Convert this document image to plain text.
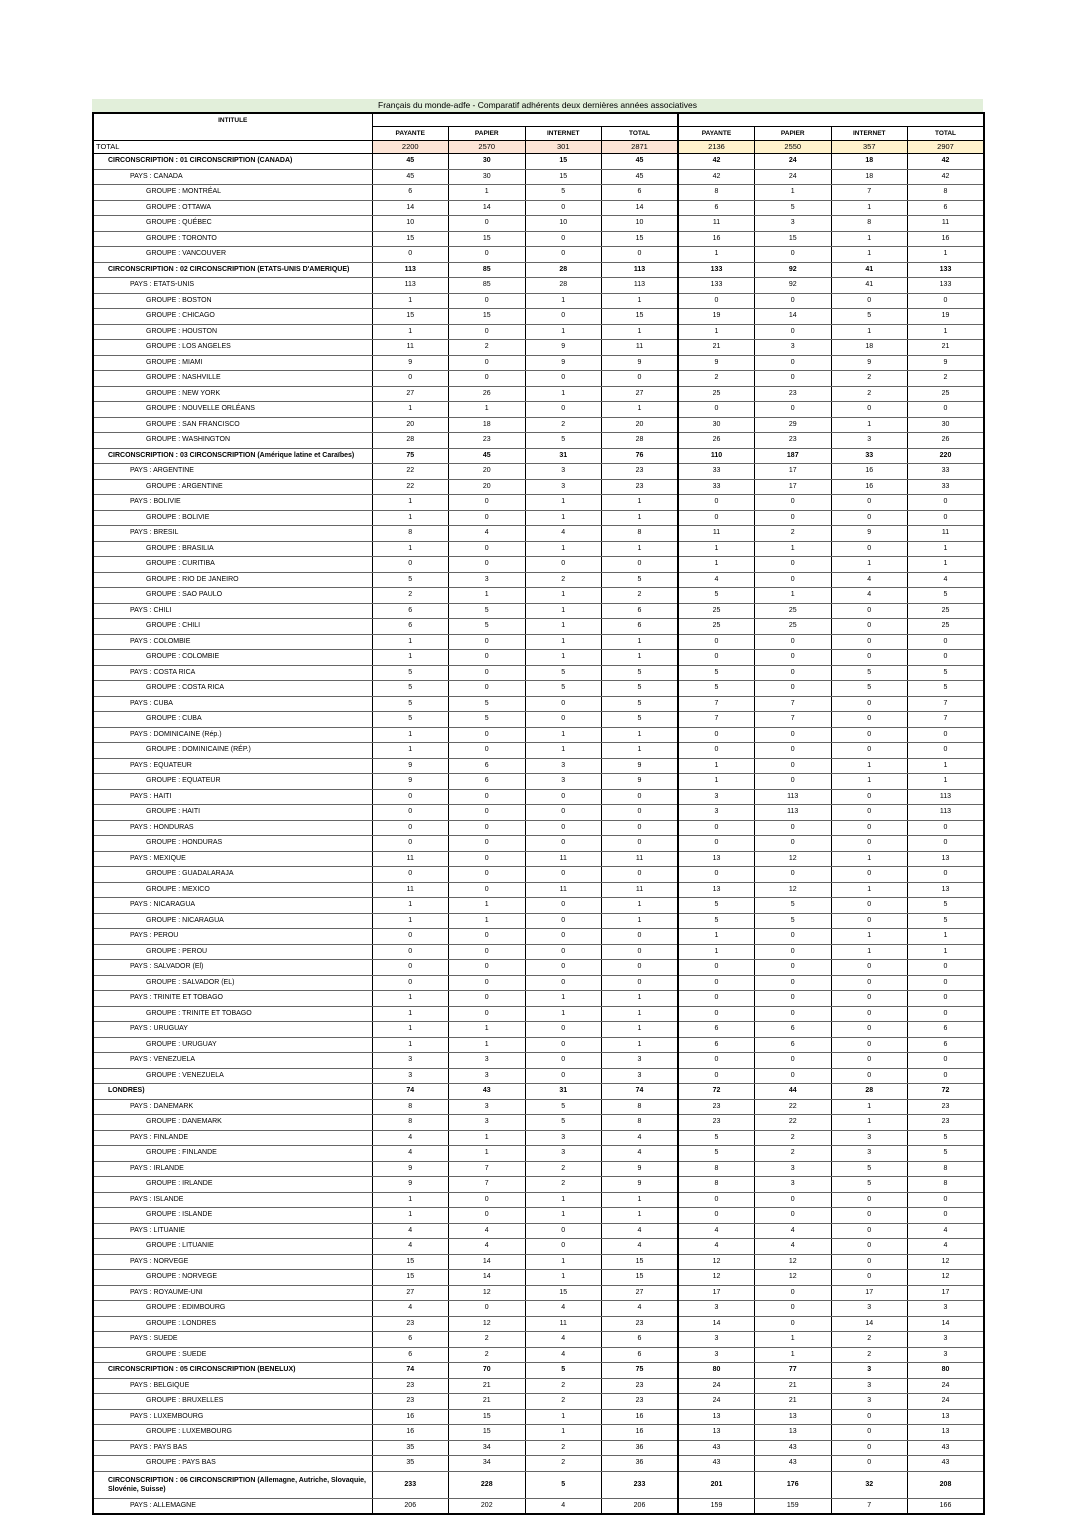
Français du monde-adfe - Comparatif adhérents deux dernières années associatives
INTITULE								
	PAYANTE	PAPIER	INTERNET	TOTAL	PAYANTE	PAPIER	INTERNET	TOTAL
TOTAL	2200	2570	301	2871	2136	2550	357	2907
CIRCONSCRIPTION : 01 CIRCONSCRIPTION (CANADA)	45	30	15	45	42	24	18	42
PAYS : CANADA	45	30	15	45	42	24	18	42
GROUPE : MONTRÉAL	6	1	5	6	8	1	7	8
GROUPE : OTTAWA	14	14	0	14	6	5	1	6
GROUPE : QUÉBEC	10	0	10	10	11	3	8	11
GROUPE : TORONTO	15	15	0	15	16	15	1	16
GROUPE : VANCOUVER	0	0	0	0	1	0	1	1
CIRCONSCRIPTION : 02 CIRCONSCRIPTION (ETATS-UNIS D'AMERIQUE)	113	85	28	113	133	92	41	133
PAYS : ETATS-UNIS	113	85	28	113	133	92	41	133
GROUPE : BOSTON	1	0	1	1	0	0	0	0
GROUPE : CHICAGO	15	15	0	15	19	14	5	19
GROUPE : HOUSTON	1	0	1	1	1	0	1	1
GROUPE : LOS ANGELES	11	2	9	11	21	3	18	21
GROUPE : MIAMI	9	0	9	9	9	0	9	9
GROUPE : NASHVILLE	0	0	0	0	2	0	2	2
GROUPE : NEW YORK	27	26	1	27	25	23	2	25
GROUPE : NOUVELLE ORLÉANS	1	1	0	1	0	0	0	0
GROUPE : SAN FRANCISCO	20	18	2	20	30	29	1	30
GROUPE : WASHINGTON	28	23	5	28	26	23	3	26
CIRCONSCRIPTION : 03 CIRCONSCRIPTION (Amérique latine et Caraïbes)	75	45	31	76	110	187	33	220
PAYS : ARGENTINE	22	20	3	23	33	17	16	33
GROUPE : ARGENTINE	22	20	3	23	33	17	16	33
PAYS : BOLIVIE	1	0	1	1	0	0	0	0
GROUPE : BOLIVIE	1	0	1	1	0	0	0	0
PAYS : BRESIL	8	4	4	8	11	2	9	11
GROUPE : BRASILIA	1	0	1	1	1	1	0	1
GROUPE : CURITIBA	0	0	0	0	1	0	1	1
GROUPE : RIO DE JANEIRO	5	3	2	5	4	0	4	4
GROUPE : SAO PAULO	2	1	1	2	5	1	4	5
PAYS : CHILI	6	5	1	6	25	25	0	25
GROUPE : CHILI	6	5	1	6	25	25	0	25
PAYS : COLOMBIE	1	0	1	1	0	0	0	0
GROUPE : COLOMBIE	1	0	1	1	0	0	0	0
PAYS : COSTA RICA	5	0	5	5	5	0	5	5
GROUPE : COSTA RICA	5	0	5	5	5	0	5	5
PAYS : CUBA	5	5	0	5	7	7	0	7
GROUPE : CUBA	5	5	0	5	7	7	0	7
PAYS : DOMINICAINE (Rép.)	1	0	1	1	0	0	0	0
GROUPE : DOMINICAINE (RÉP.)	1	0	1	1	0	0	0	0
PAYS : EQUATEUR	9	6	3	9	1	0	1	1
GROUPE : EQUATEUR	9	6	3	9	1	0	1	1
PAYS : HAITI	0	0	0	0	3	113	0	113
GROUPE : HAITI	0	0	0	0	3	113	0	113
PAYS : HONDURAS	0	0	0	0	0	0	0	0
GROUPE : HONDURAS	0	0	0	0	0	0	0	0
PAYS : MEXIQUE	11	0	11	11	13	12	1	13
GROUPE : GUADALARAJA	0	0	0	0	0	0	0	0
GROUPE : MEXICO	11	0	11	11	13	12	1	13
PAYS : NICARAGUA	1	1	0	1	5	5	0	5
GROUPE : NICARAGUA	1	1	0	1	5	5	0	5
PAYS : PEROU	0	0	0	0	1	0	1	1
GROUPE : PEROU	0	0	0	0	1	0	1	1
PAYS : SALVADOR (El)	0	0	0	0	0	0	0	0
GROUPE : SALVADOR (EL)	0	0	0	0	0	0	0	0
PAYS : TRINITE ET TOBAGO	1	0	1	1	0	0	0	0
GROUPE : TRINITE ET TOBAGO	1	0	1	1	0	0	0	0
PAYS : URUGUAY	1	1	0	1	6	6	0	6
GROUPE : URUGUAY	1	1	0	1	6	6	0	6
PAYS : VENEZUELA	3	3	0	3	0	0	0	0
GROUPE : VENEZUELA	3	3	0	3	0	0	0	0
LONDRES)	74	43	31	74	72	44	28	72
PAYS : DANEMARK	8	3	5	8	23	22	1	23
GROUPE : DANEMARK	8	3	5	8	23	22	1	23
PAYS : FINLANDE	4	1	3	4	5	2	3	5
GROUPE : FINLANDE	4	1	3	4	5	2	3	5
PAYS : IRLANDE	9	7	2	9	8	3	5	8
GROUPE : IRLANDE	9	7	2	9	8	3	5	8
PAYS : ISLANDE	1	0	1	1	0	0	0	0
GROUPE : ISLANDE	1	0	1	1	0	0	0	0
PAYS : LITUANIE	4	4	0	4	4	4	0	4
GROUPE : LITUANIE	4	4	0	4	4	4	0	4
PAYS : NORVEGE	15	14	1	15	12	12	0	12
GROUPE : NORVEGE	15	14	1	15	12	12	0	12
PAYS : ROYAUME-UNI	27	12	15	27	17	0	17	17
GROUPE : EDIMBOURG	4	0	4	4	3	0	3	3
GROUPE : LONDRES	23	12	11	23	14	0	14	14
PAYS : SUEDE	6	2	4	6	3	1	2	3
GROUPE : SUEDE	6	2	4	6	3	1	2	3
CIRCONSCRIPTION : 05 CIRCONSCRIPTION (BENELUX)	74	70	5	75	80	77	3	80
PAYS : BELGIQUE	23	21	2	23	24	21	3	24
GROUPE : BRUXELLES	23	21	2	23	24	21	3	24
PAYS : LUXEMBOURG	16	15	1	16	13	13	0	13
GROUPE : LUXEMBOURG	16	15	1	16	13	13	0	13
PAYS : PAYS BAS	35	34	2	36	43	43	0	43
GROUPE : PAYS BAS	35	34	2	36	43	43	0	43
CIRCONSCRIPTION : 06 CIRCONSCRIPTION (Allemagne, Autriche, Slovaquie, Slovénie, Suisse)	233	228	5	233	201	176	32	208
PAYS : ALLEMAGNE	206	202	4	206	159	159	7	166
